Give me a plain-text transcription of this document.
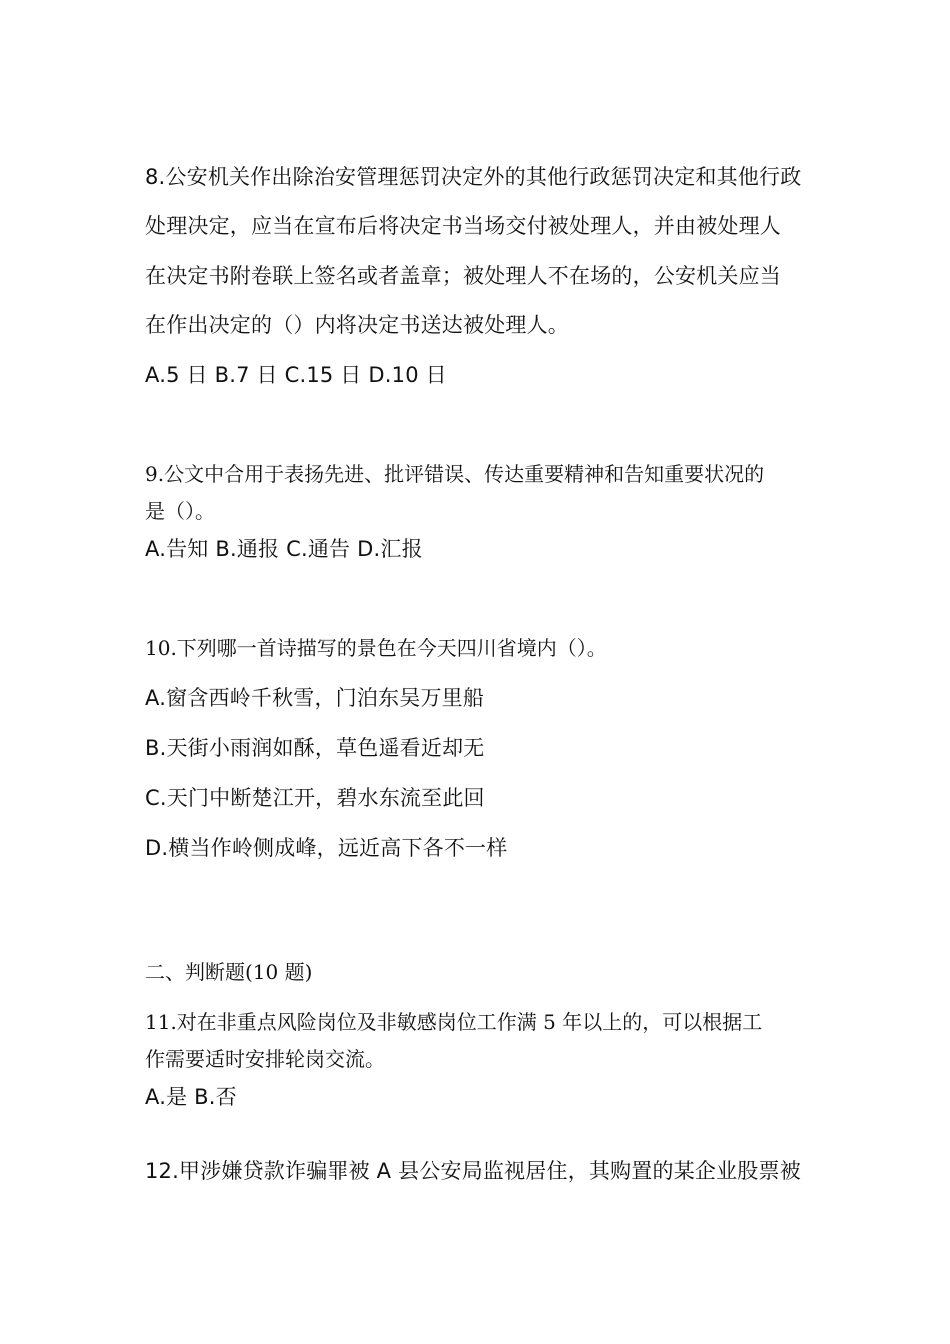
8.公安机关作出除治安管理惩罚决定外的其他行政惩罚决定和其他行政
处理决定，应当在宣布后将决定书当场交付被处理人，并由被处理人
在决定书附卷联上签名或者盖章；被处理人不在场的，公安机关应当
在作出决定的（）内将决定书送达被处理人。
A.5 日 B.7 日 C.15 日 D.10 日
9.公文中合用于表扬先进、批评错误、传达重要精神和告知重要状况的
是（）。
A.告知 B.通报 C.通告 D.汇报
10.下列哪一首诗描写的景色在今天四川省境内（）。
A.窗含西岭千秋雪，门泊东吴万里船
B.天街小雨润如酥，草色遥看近却无
C.天门中断楚江开，碧水东流至此回
D.横当作岭侧成峰，远近高下各不一样
二、判断题(10 题)
11.对在非重点风险岗位及非敏感岗位工作满 5 年以上的，可以根据工
作需要适时安排轮岗交流。
A.是 B.否
12.甲涉嫌贷款诈骗罪被 A 县公安局监视居住，其购置的某企业股票被
